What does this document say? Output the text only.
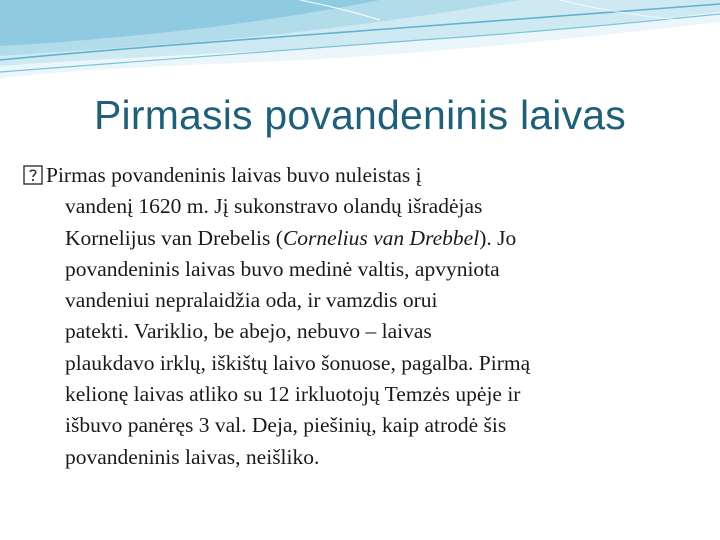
Pirmasis povandeninis laivas
Pirmas povandeninis laivas buvo nuleistas į
vandenį 1620 m. Jį sukonstravo olandų išradėjas
Kornelijus van Drebelis (Cornelius van Drebbel). Jo
povandeninis laivas buvo medinė valtis, apvyniota
vandeniui nepralaidžia oda, ir vamzdis orui
patekti. Variklio, be abejo, nebuvo – laivas
plaukdavo irklų, iškištų laivo šonuose, pagalba. Pirmą
kelionę laivas atliko su 12 irkluotojų Temzės upėje ir
išbuvo panėręs 3 val. Deja, piešinių, kaip atrodė šis
povandeninis laivas, neišliko.
